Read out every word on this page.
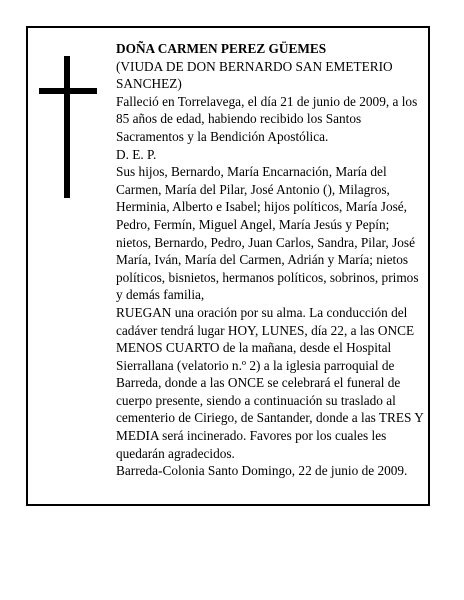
DOÑA CARMEN PEREZ GÜEMES

(VIUDA DE DON BERNARDO SAN EMETERIO SANCHEZ)

Falleció en Torrelavega, el día 21 de junio de 2009, a los 85 años de edad, habiendo recibido los Santos Sacramentos y la Bendición Apostólica.

D. E. P.

Sus hijos, Bernardo, María Encarnación, María del Carmen, María del Pilar, José Antonio (), Milagros, Herminia, Alberto e Isabel; hijos políticos, María José, Pedro, Fermín, Miguel Angel, María Jesús y Pepín; nietos, Bernardo, Pedro, Juan Carlos, Sandra, Pilar, José María, Iván, María del Carmen, Adrián y María; nietos políticos, bisnietos, hermanos políticos, sobrinos, primos y demás familia,

RUEGAN una oración por su alma. La conducción del cadáver tendrá lugar HOY, LUNES, día 22, a las ONCE MENOS CUARTO de la mañana, desde el Hospital Sierrallana (velatorio n.º 2) a la iglesia parroquial de Barreda, donde a las ONCE se celebrará el funeral de cuerpo presente, siendo a continuación su traslado al cementerio de Ciriego, de Santander, donde a las TRES Y MEDIA será incinerado. Favores por los cuales les quedarán agradecidos.

Barreda-Colonia Santo Domingo, 22 de junio de 2009.
